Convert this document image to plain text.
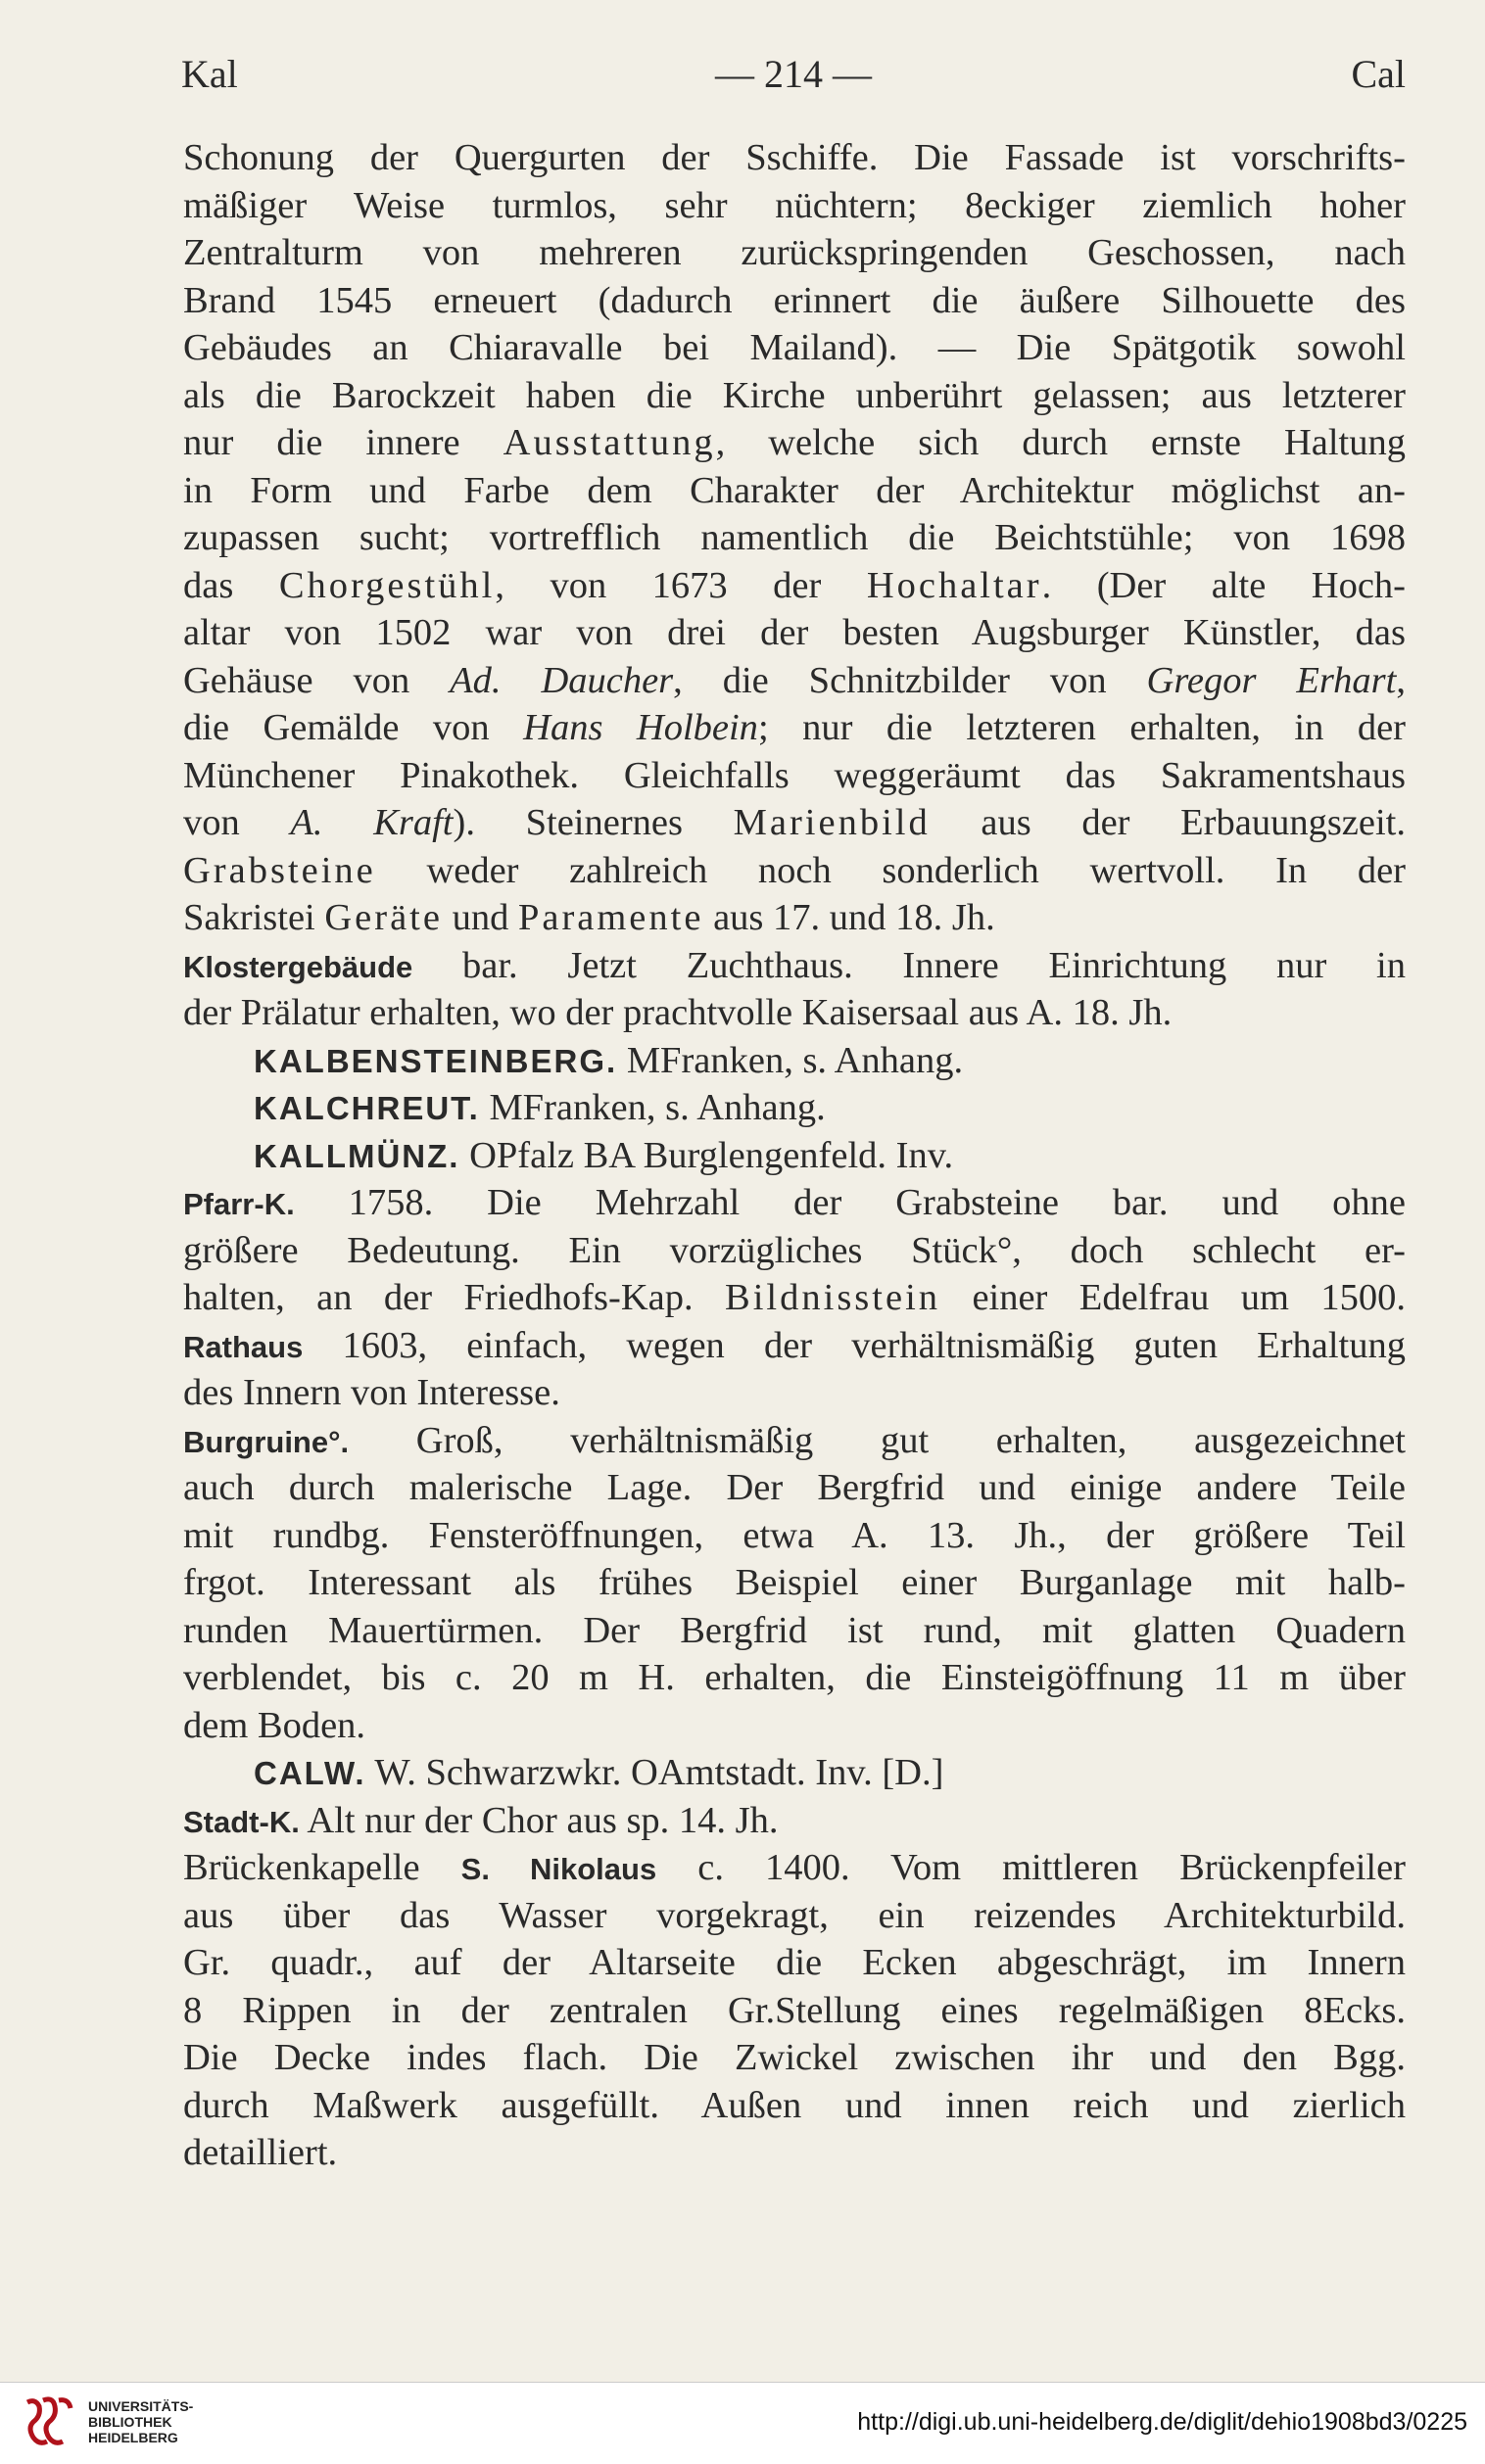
Kal	— 214 —	Cal
Schonung der Quergurten der Sschiffe. Die Fassade ist vorschrifts-
mäßiger Weise turmlos, sehr nüchtern; 8eckiger ziemlich hoher
Zentralturm von mehreren zurückspringenden Geschossen, nach
Brand 1545 erneuert (dadurch erinnert die äußere Silhouette des
Gebäudes an Chiaravalle bei Mailand). — Die Spätgotik sowohl
als die Barockzeit haben die Kirche unberührt gelassen; aus letzterer
nur die innere Ausstattung, welche sich durch ernste Haltung
in Form und Farbe dem Charakter der Architektur möglichst an-
zupassen sucht; vortrefflich namentlich die Beichtstühle; von 1698
das Chorgestühl, von 1673 der Hochaltar. (Der alte Hoch-
altar von 1502 war von drei der besten Augsburger Künstler, das
Gehäuse von Ad. Daucher, die Schnitzbilder von Gregor Erhart,
die Gemälde von Hans Holbein; nur die letzteren erhalten, in der
Münchener Pinakothek. Gleichfalls weggeräumt das Sakramentshaus
von A. Kraft). Steinernes Marienbild aus der Erbauungszeit.
Grabsteine weder zahlreich noch sonderlich wertvoll. In der
Sakristei Geräte und Paramente aus 17. und 18. Jh.
Klostergebäude bar. Jetzt Zuchthaus. Innere Einrichtung nur in
der Prälatur erhalten, wo der prachtvolle Kaisersaal aus A. 18. Jh.
KALBENSTEINBERG. MFranken, s. Anhang.
KALCHREUT. MFranken, s. Anhang.
KALLMÜNZ. OPfalz BA Burglengenfeld. Inv.
Pfarr-K. 1758. Die Mehrzahl der Grabsteine bar. und ohne
größere Bedeutung. Ein vorzügliches Stück°, doch schlecht er-
halten, an der Friedhofs-Kap. Bildnisstein einer Edelfrau um 1500.
Rathaus 1603, einfach, wegen der verhältnismäßig guten Erhaltung
des Innern von Interesse.
Burgruine°. Groß, verhältnismäßig gut erhalten, ausgezeichnet
auch durch malerische Lage. Der Bergfrid und einige andere Teile
mit rundbg. Fensteröffnungen, etwa A. 13. Jh., der größere Teil
frgot. Interessant als frühes Beispiel einer Burganlage mit halb-
runden Mauertürmen. Der Bergfrid ist rund, mit glatten Quadern
verblendet, bis c. 20 m H. erhalten, die Einsteigöffnung 11 m über
dem Boden.
CALW. W. Schwarzwkr. OAmtstadt. Inv. [D.]
Stadt-K. Alt nur der Chor aus sp. 14. Jh.
Brückenkapelle S. Nikolaus c. 1400. Vom mittleren Brückenpfeiler
aus über das Wasser vorgekragt, ein reizendes Architekturbild.
Gr. quadr., auf der Altarseite die Ecken abgeschrägt, im Innern
8 Rippen in der zentralen Gr.Stellung eines regelmäßigen 8Ecks.
Die Decke indes flach. Die Zwickel zwischen ihr und den Bgg.
durch Maßwerk ausgefüllt. Außen und innen reich und zierlich
detailliert.
UNIVERSITÄTS-
BIBLIOTHEK
HEIDELBERG
http://digi.ub.uni-heidelberg.de/diglit/dehio1908bd3/0225
